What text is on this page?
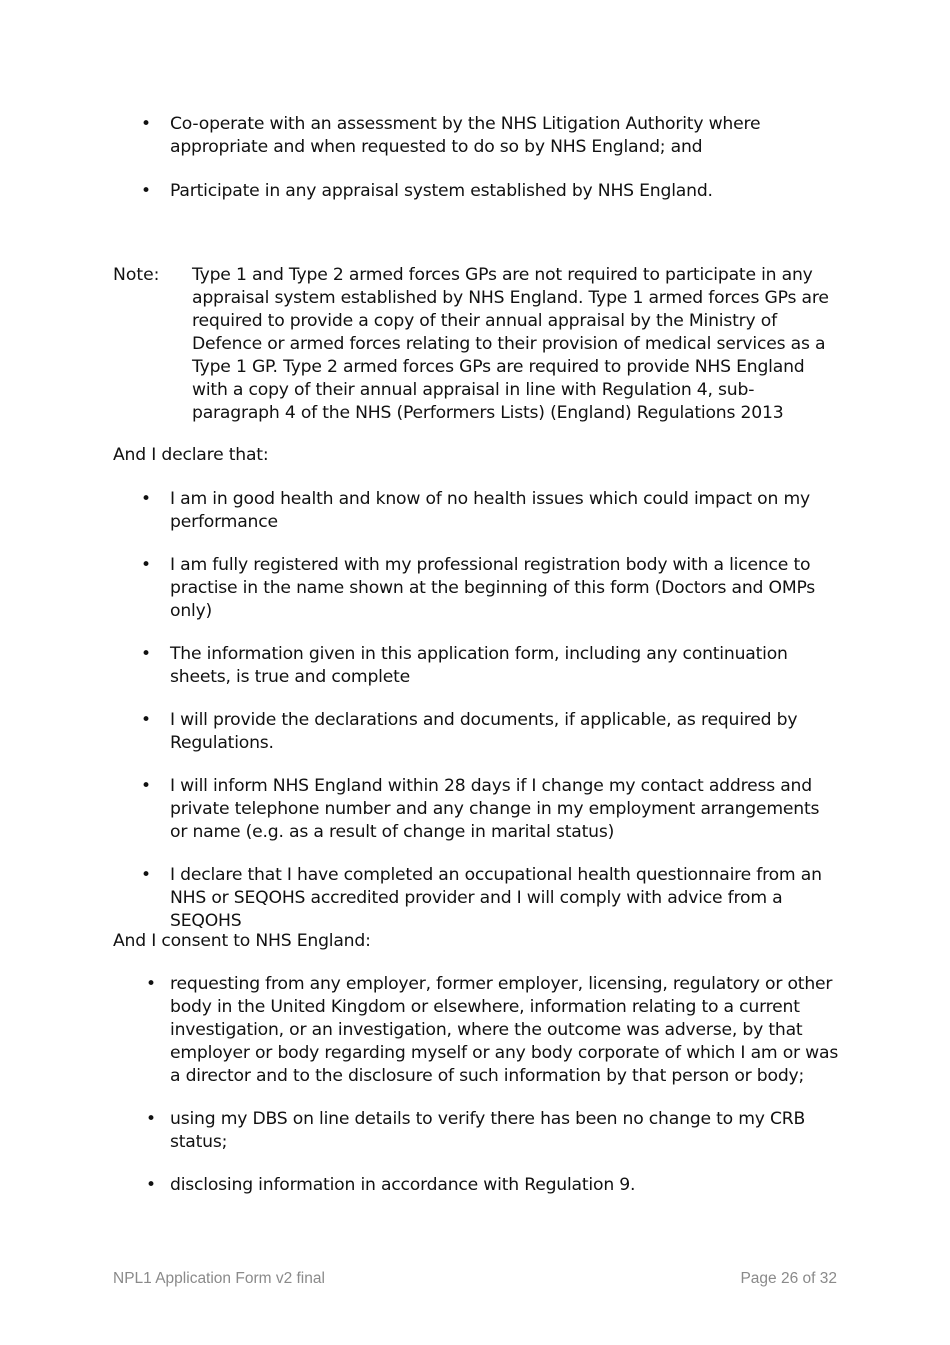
• Co-operate with an assessment by the NHS Litigation Authority where appropriate and when requested to do so by NHS England; and
• Participate in any appraisal system established by NHS England.
Note: Type 1 and Type 2 armed forces GPs are not required to participate in any appraisal system established by NHS England. Type 1 armed forces GPs are required to provide a copy of their annual appraisal by the Ministry of Defence or armed forces relating to their provision of medical services as a Type 1 GP. Type 2 armed forces GPs are required to provide NHS England with a copy of their annual appraisal in line with Regulation 4, sub-paragraph 4 of the NHS (Performers Lists) (England) Regulations 2013
And I declare that:
• I am in good health and know of no health issues which could impact on my performance
• I am fully registered with my professional registration body with a licence to practise in the name shown at the beginning of this form (Doctors and OMPs only)
• The information given in this application form, including any continuation sheets, is true and complete
• I will provide the declarations and documents, if applicable, as required by Regulations.
• I will inform NHS England within 28 days if I change my contact address and private telephone number and any change in my employment arrangements or name (e.g. as a result of change in marital status)
• I declare that I have completed an occupational health questionnaire from an NHS or SEQOHS accredited provider and I will comply with advice from a SEQOHS
And I consent to NHS England:
• requesting from any employer, former employer, licensing, regulatory or other body in the United Kingdom or elsewhere, information relating to a current investigation, or an investigation, where the outcome was adverse, by that employer or body regarding myself or any body corporate of which I am or was a director and to the disclosure of such information by that person or body;
• using my DBS on line details to verify there has been no change to my CRB status;
• disclosing information in accordance with Regulation 9.
NPL1 Application Form v2 final	Page 26 of 32
